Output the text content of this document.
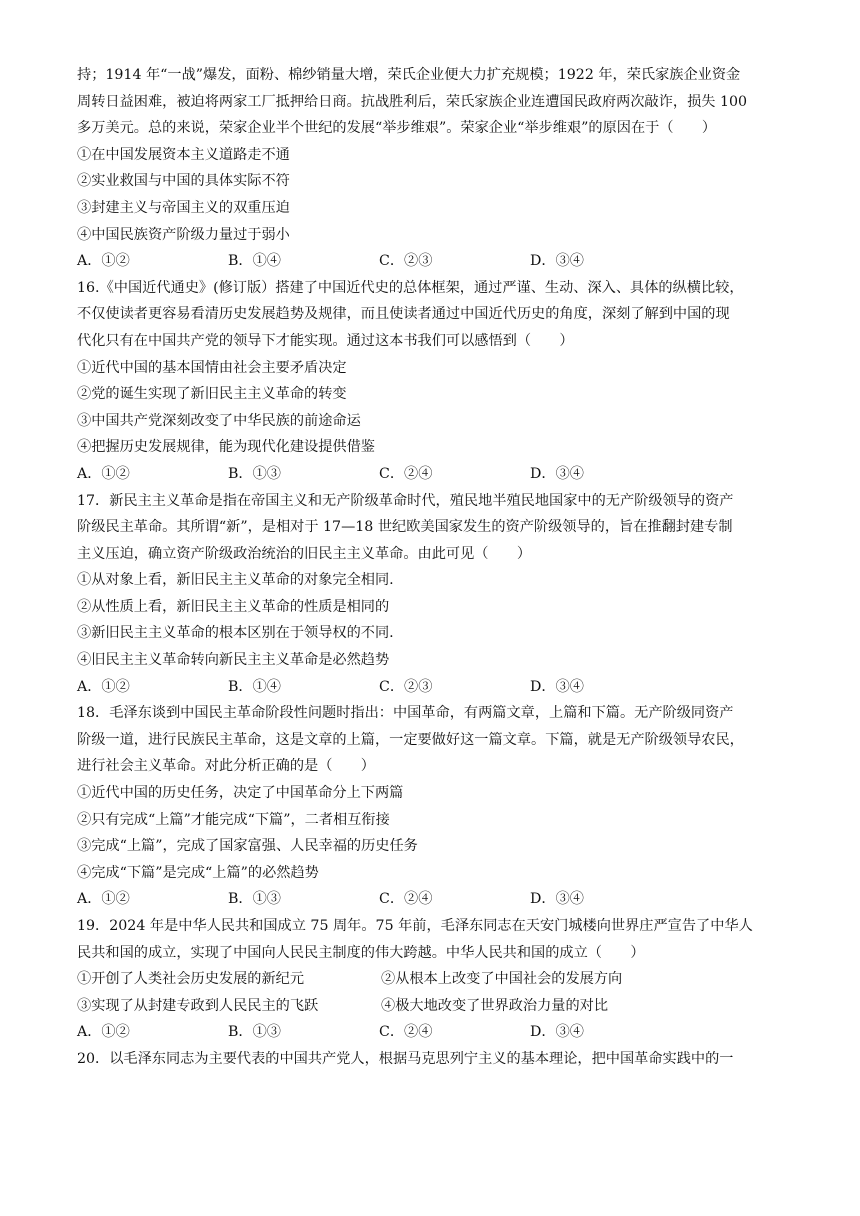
持；1914 年“一战”爆发，面粉、棉纱销量大增，荣氏企业便大力扩充规模；1922 年，荣氏家族企业资金
周转日益困难，被迫将两家工厂抵押给日商。抗战胜利后，荣氏家族企业连遭国民政府两次敲诈，损失 100
多万美元。总的来说，荣家企业半个世纪的发展“举步维艰”。荣家企业“举步维艰”的原因在于（　　）
①在中国发展资本主义道路走不通
②实业救国与中国的具体实际不符
③封建主义与帝国主义的双重压迫
④中国民族资产阶级力量过于弱小
A．①②	B．①④	C．②③	D．③④
16.《中国近代通史》(修订版）搭建了中国近代史的总体框架，通过严谨、生动、深入、具体的纵横比较，
不仅使读者更容易看清历史发展趋势及规律，而且使读者通过中国近代历史的角度，深刻了解到中国的现
代化只有在中国共产党的领导下才能实现。通过这本书我们可以感悟到（　　）
①近代中国的基本国情由社会主要矛盾决定
②党的诞生实现了新旧民主主义革命的转变
③中国共产党深刻改变了中华民族的前途命运
④把握历史发展规律，能为现代化建设提供借鉴
A．①②	B．①③	C．②④	D．③④
17．新民主主义革命是指在帝国主义和无产阶级革命时代，殖民地半殖民地国家中的无产阶级领导的资产
阶级民主革命。其所谓“新”，是相对于 17—18 世纪欧美国家发生的资产阶级领导的，旨在推翻封建专制
主义压迫，确立资产阶级政治统治的旧民主主义革命。由此可见（　　）
①从对象上看，新旧民主主义革命的对象完全相同.
②从性质上看，新旧民主主义革命的性质是相同的
③新旧民主主义革命的根本区别在于领导权的不同.
④旧民主主义革命转向新民主主义革命是必然趋势
A．①②	B．①④	C．②③	D．③④
18．毛泽东谈到中国民主革命阶段性问题时指出：中国革命，有两篇文章，上篇和下篇。无产阶级同资产
阶级一道，进行民族民主革命，这是文章的上篇，一定要做好这一篇文章。下篇，就是无产阶级领导农民，
进行社会主义革命。对此分析正确的是（　　）
①近代中国的历史任务，决定了中国革命分上下两篇
②只有完成“上篇”才能完成“下篇”，二者相互衔接
③完成“上篇”，完成了国家富强、人民幸福的历史任务
④完成“下篇”是完成“上篇”的必然趋势
A．①②	B．①③	C．②④	D．③④
19．2024 年是中华人民共和国成立 75 周年。75 年前，毛泽东同志在天安门城楼向世界庄严宣告了中华人
民共和国的成立，实现了中国向人民民主制度的伟大跨越。中华人民共和国的成立（　　）
①开创了人类社会历史发展的新纪元	②从根本上改变了中国社会的发展方向
③实现了从封建专政到人民民主的飞跃	④极大地改变了世界政治力量的对比
A．①②	B．①③	C．②④	D．③④
20．以毛泽东同志为主要代表的中国共产党人，根据马克思列宁主义的基本理论，把中国革命实践中的一
